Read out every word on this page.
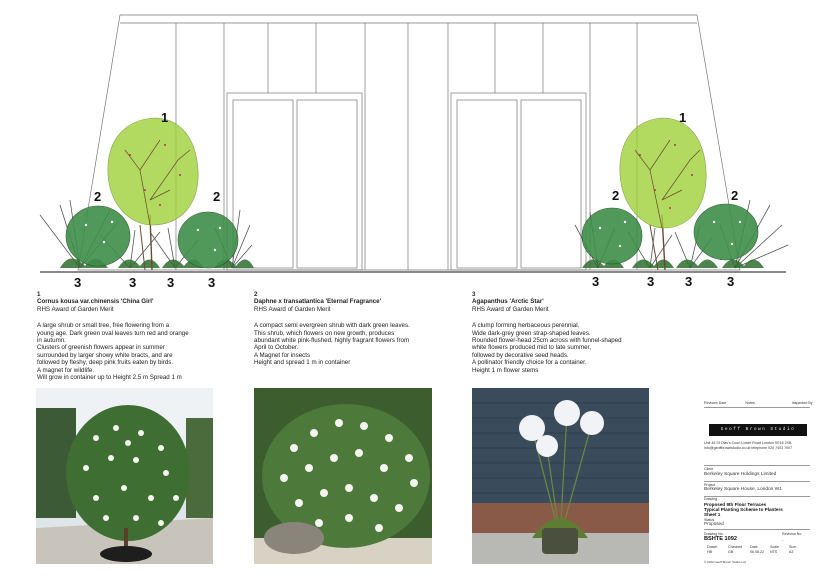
1
2	2
3	3 3	3
1
2	2
3	3 3	3
1
Cornus kousa var.chinensis 'China Girl'
RHS Award of Garden Merit
A large shrub or small tree, free flowering from a
young age. Dark green oval leaves turn red and orange
in autumn.
Clusters of greenish flowers appear in summer
surrounded by larger showy white bracts, and are
followed by fleshy, deep pink fruits eaten by birds.
A magnet for wildlife.
Will grow in container up to Height 2.5 m Spread 1 m
2
Daphne x transatlantica 'Eternal Fragrance'
RHS Award of Garden Merit
A compact semi evergreen shrub with dark green leaves.
This shrub, which flowers on new growth, produces
abundant white pink-flushed, highly fragrant flowers from
April to October.
A Magnet for insects
Height and spread 1 m in container
3
Agapanthus 'Arctic Star'
RHS Award of Garden Merit
A clump forming herbaceous perennial.
Wide dark-grey green strap-shaped leaves.
Rounded flower-head 25cm across with funnel-shaped
white flowers produced mid to late summer,
followed by decorative seed heads.
A pollinator friendly choice for a container.
Height 1 m flower stems
Revision Date	Notes	Inspected By
Geoff Brown Studio
Unit 45 St Olav's Court Lower Road London SE16 2XB
info@geoffbrownstudio.co.uk telephone 020 7403 7007
Client
Berkeley Square Holdings Limited
Project
Berkeley Square House, London W1
Drawing
Proposed 9th Floor Terraces
Typical Planting Scheme to Planters
Sheet 1
Status
Proposed
Drawing No	Revision No
BSHTE 1092	-
Drawn	Checked Date	Scale	Size
HB	GB	06.08.22 NTS	A3
© 2022 Geoff Brown Studio Ltd
